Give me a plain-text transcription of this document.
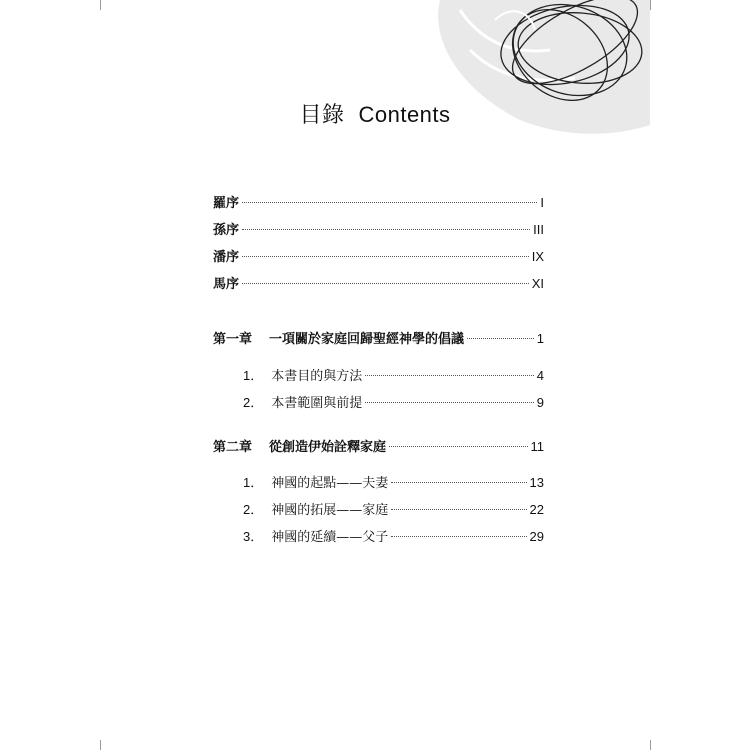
目錄 Contents
羅序	I
孫序	III
潘序	IX
馬序	XI
第一章	一項關於家庭回歸聖經神學的倡議	1
1． 本書目的與方法	4
2． 本書範圍與前提	9
第二章	從創造伊始詮釋家庭	11
1． 神國的起點——夫妻	13
2． 神國的拓展——家庭	22
3． 神國的延續——父子	29
